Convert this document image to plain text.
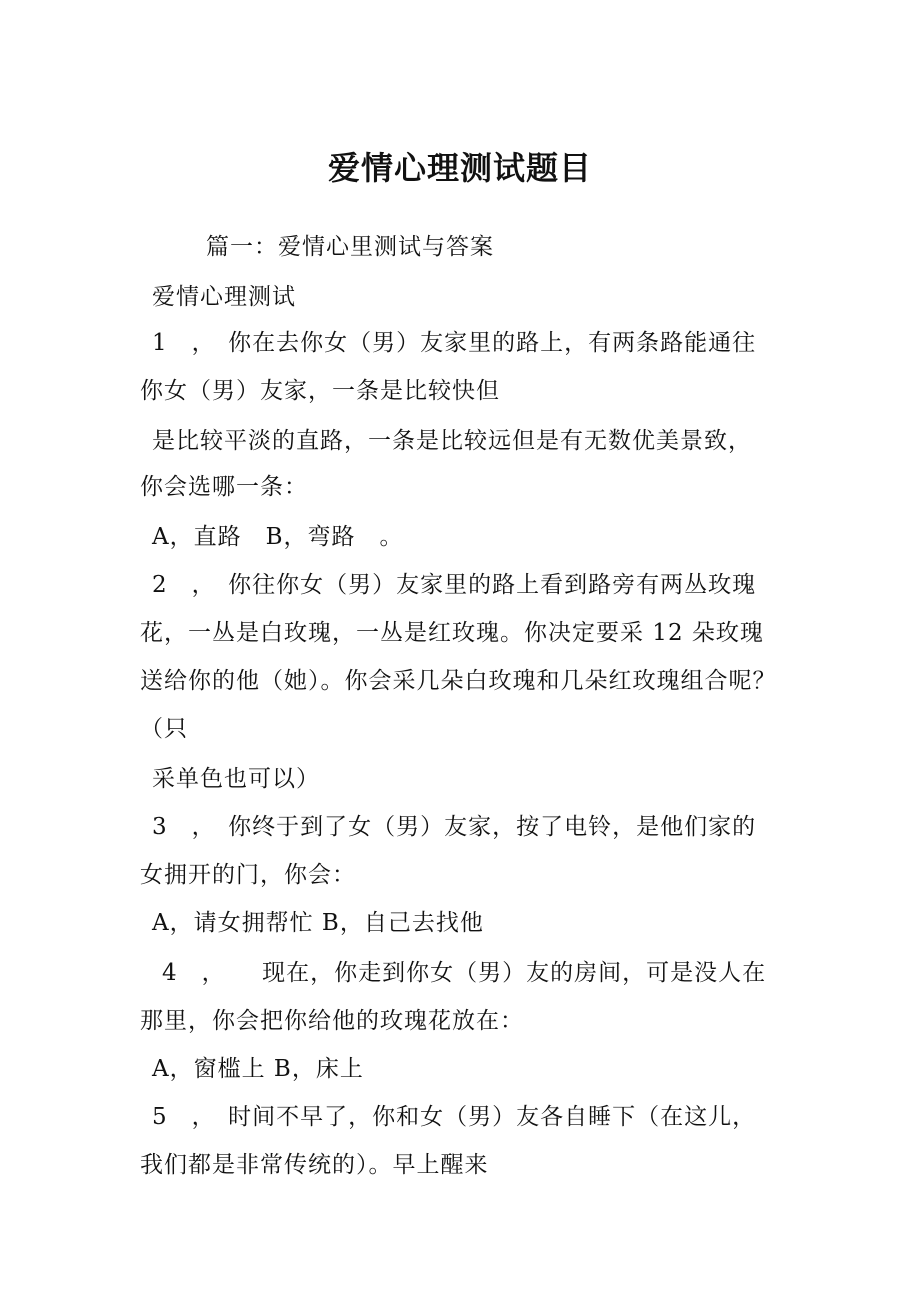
爱情心理测试题目
篇一：爱情心里测试与答案
爱情心理测试
1　，　你在去你女（男）友家里的路上，有两条路能通往
你女（男）友家，一条是比较快但
是比较平淡的直路，一条是比较远但是有无数优美景致，
你会选哪一条：
A，直路　B，弯路　。
2　，　你往你女（男）友家里的路上看到路旁有两丛玫瑰
花，一丛是白玫瑰，一丛是红玫瑰。你决定要采 12 朵玫瑰
送给你的他（她）。你会采几朵白玫瑰和几朵红玫瑰组合呢？
（只
采单色也可以）
3　，　你终于到了女（男）友家，按了电铃，是他们家的
女拥开的门，你会：
A，请女拥帮忙 B，自己去找他
4　，　　现在，你走到你女（男）友的房间，可是没人在
那里，你会把你给他的玫瑰花放在：
A，窗槛上 B，床上
5　，　时间不早了，你和女（男）友各自睡下（在这儿，
我们都是非常传统的）。早上醒来
